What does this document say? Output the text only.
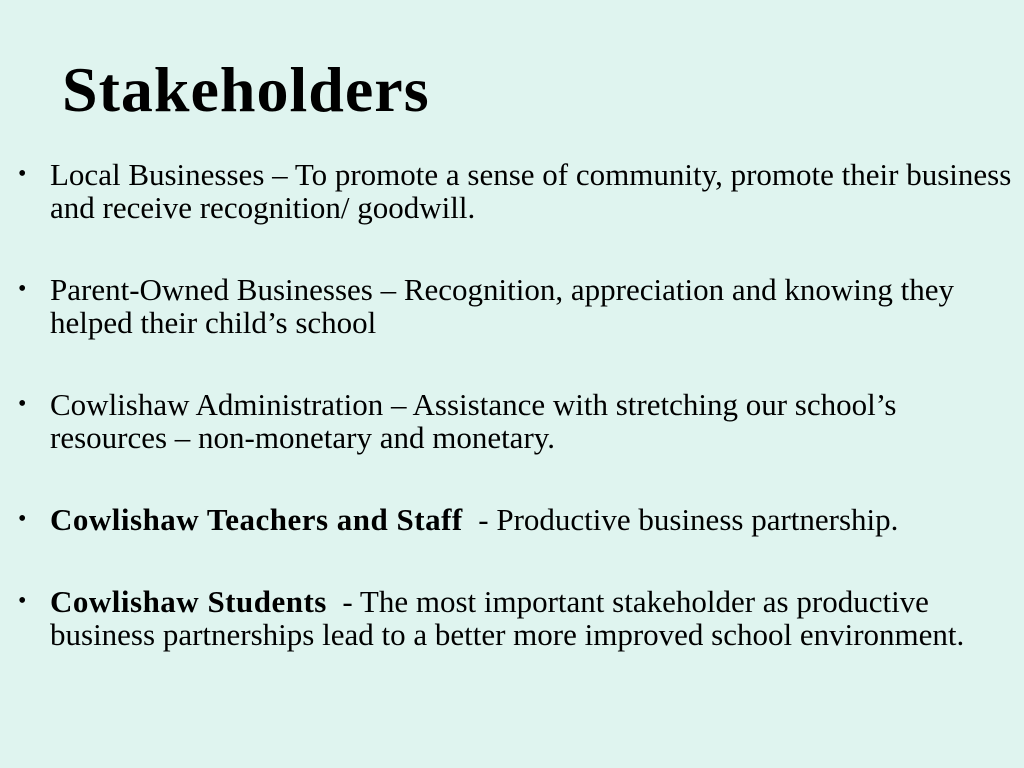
Stakeholders
• Local Businesses – To promote a sense of community, promote their business and receive recognition/ goodwill.
• Parent-Owned Businesses – Recognition, appreciation and knowing they helped their child’s school
• Cowlishaw Administration – Assistance with stretching our school’s resources – non-monetary and monetary.
• Cowlishaw Teachers and Staff  - Productive business partnership.
• Cowlishaw Students  - The most important stakeholder as productive business partnerships lead to a better more improved school environment.
